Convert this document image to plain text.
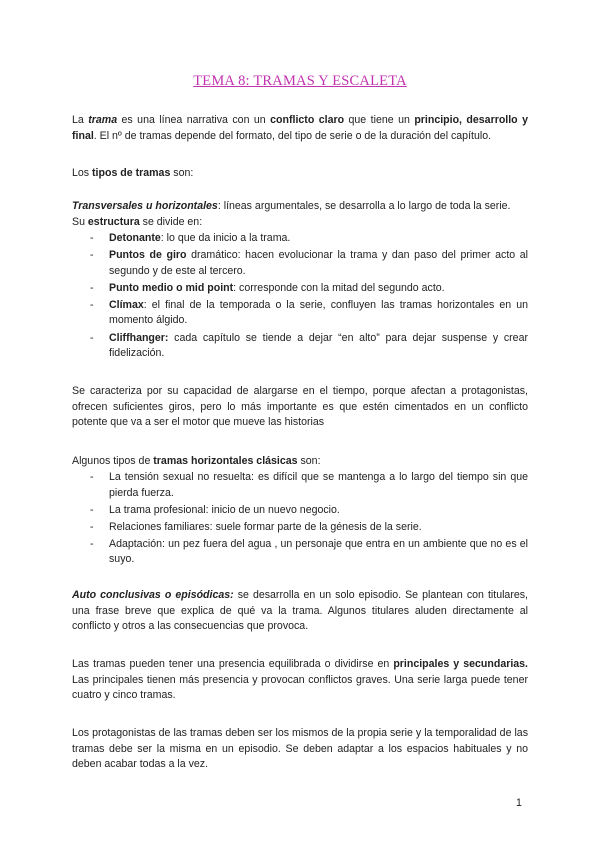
TEMA 8: TRAMAS Y ESCALETA
La trama es una línea narrativa con un conflicto claro que tiene un principio, desarrollo y final. El nº de tramas depende del formato, del tipo de serie o de la duración del capítulo.
Los tipos de tramas son:
Transversales u horizontales: líneas argumentales, se desarrolla a lo largo de toda la serie.
Su estructura se divide en:
- Detonante: lo que da inicio a la trama.
- Puntos de giro dramático: hacen evolucionar la trama y dan paso del primer acto al segundo y de este al tercero.
- Punto medio o mid point: corresponde con la mitad del segundo acto.
- Clímax: el final de la temporada o la serie, confluyen las tramas horizontales en un momento álgido.
- Cliffhanger: cada capítulo se tiende a dejar “en alto” para dejar suspense y crear fidelización.
Se caracteriza por su capacidad de alargarse en el tiempo, porque afectan a protagonistas, ofrecen suficientes giros, pero lo más importante es que estén cimentados en un conflicto potente que va a ser el motor que mueve las historias
Algunos tipos de tramas horizontales clásicas son:
- La tensión sexual no resuelta: es difícil que se mantenga a lo largo del tiempo sin que pierda fuerza.
- La trama profesional: inicio de un nuevo negocio.
- Relaciones familiares: suele formar parte de la génesis de la serie.
- Adaptación: un pez fuera del agua , un personaje que entra en un ambiente que no es el suyo.
Auto conclusivas o episódicas: se desarrolla en un solo episodio. Se plantean con titulares, una frase breve que explica de qué va la trama. Algunos titulares aluden directamente al conflicto y otros a las consecuencias que provoca.
Las tramas pueden tener una presencia equilibrada o dividirse en principales y secundarias. Las principales tienen más presencia y provocan conflictos graves. Una serie larga puede tener cuatro y cinco tramas.
Los protagonistas de las tramas deben ser los mismos de la propia serie y la temporalidad de las tramas debe ser la misma en un episodio. Se deben adaptar a los espacios habituales y no deben acabar todas a la vez.
1
